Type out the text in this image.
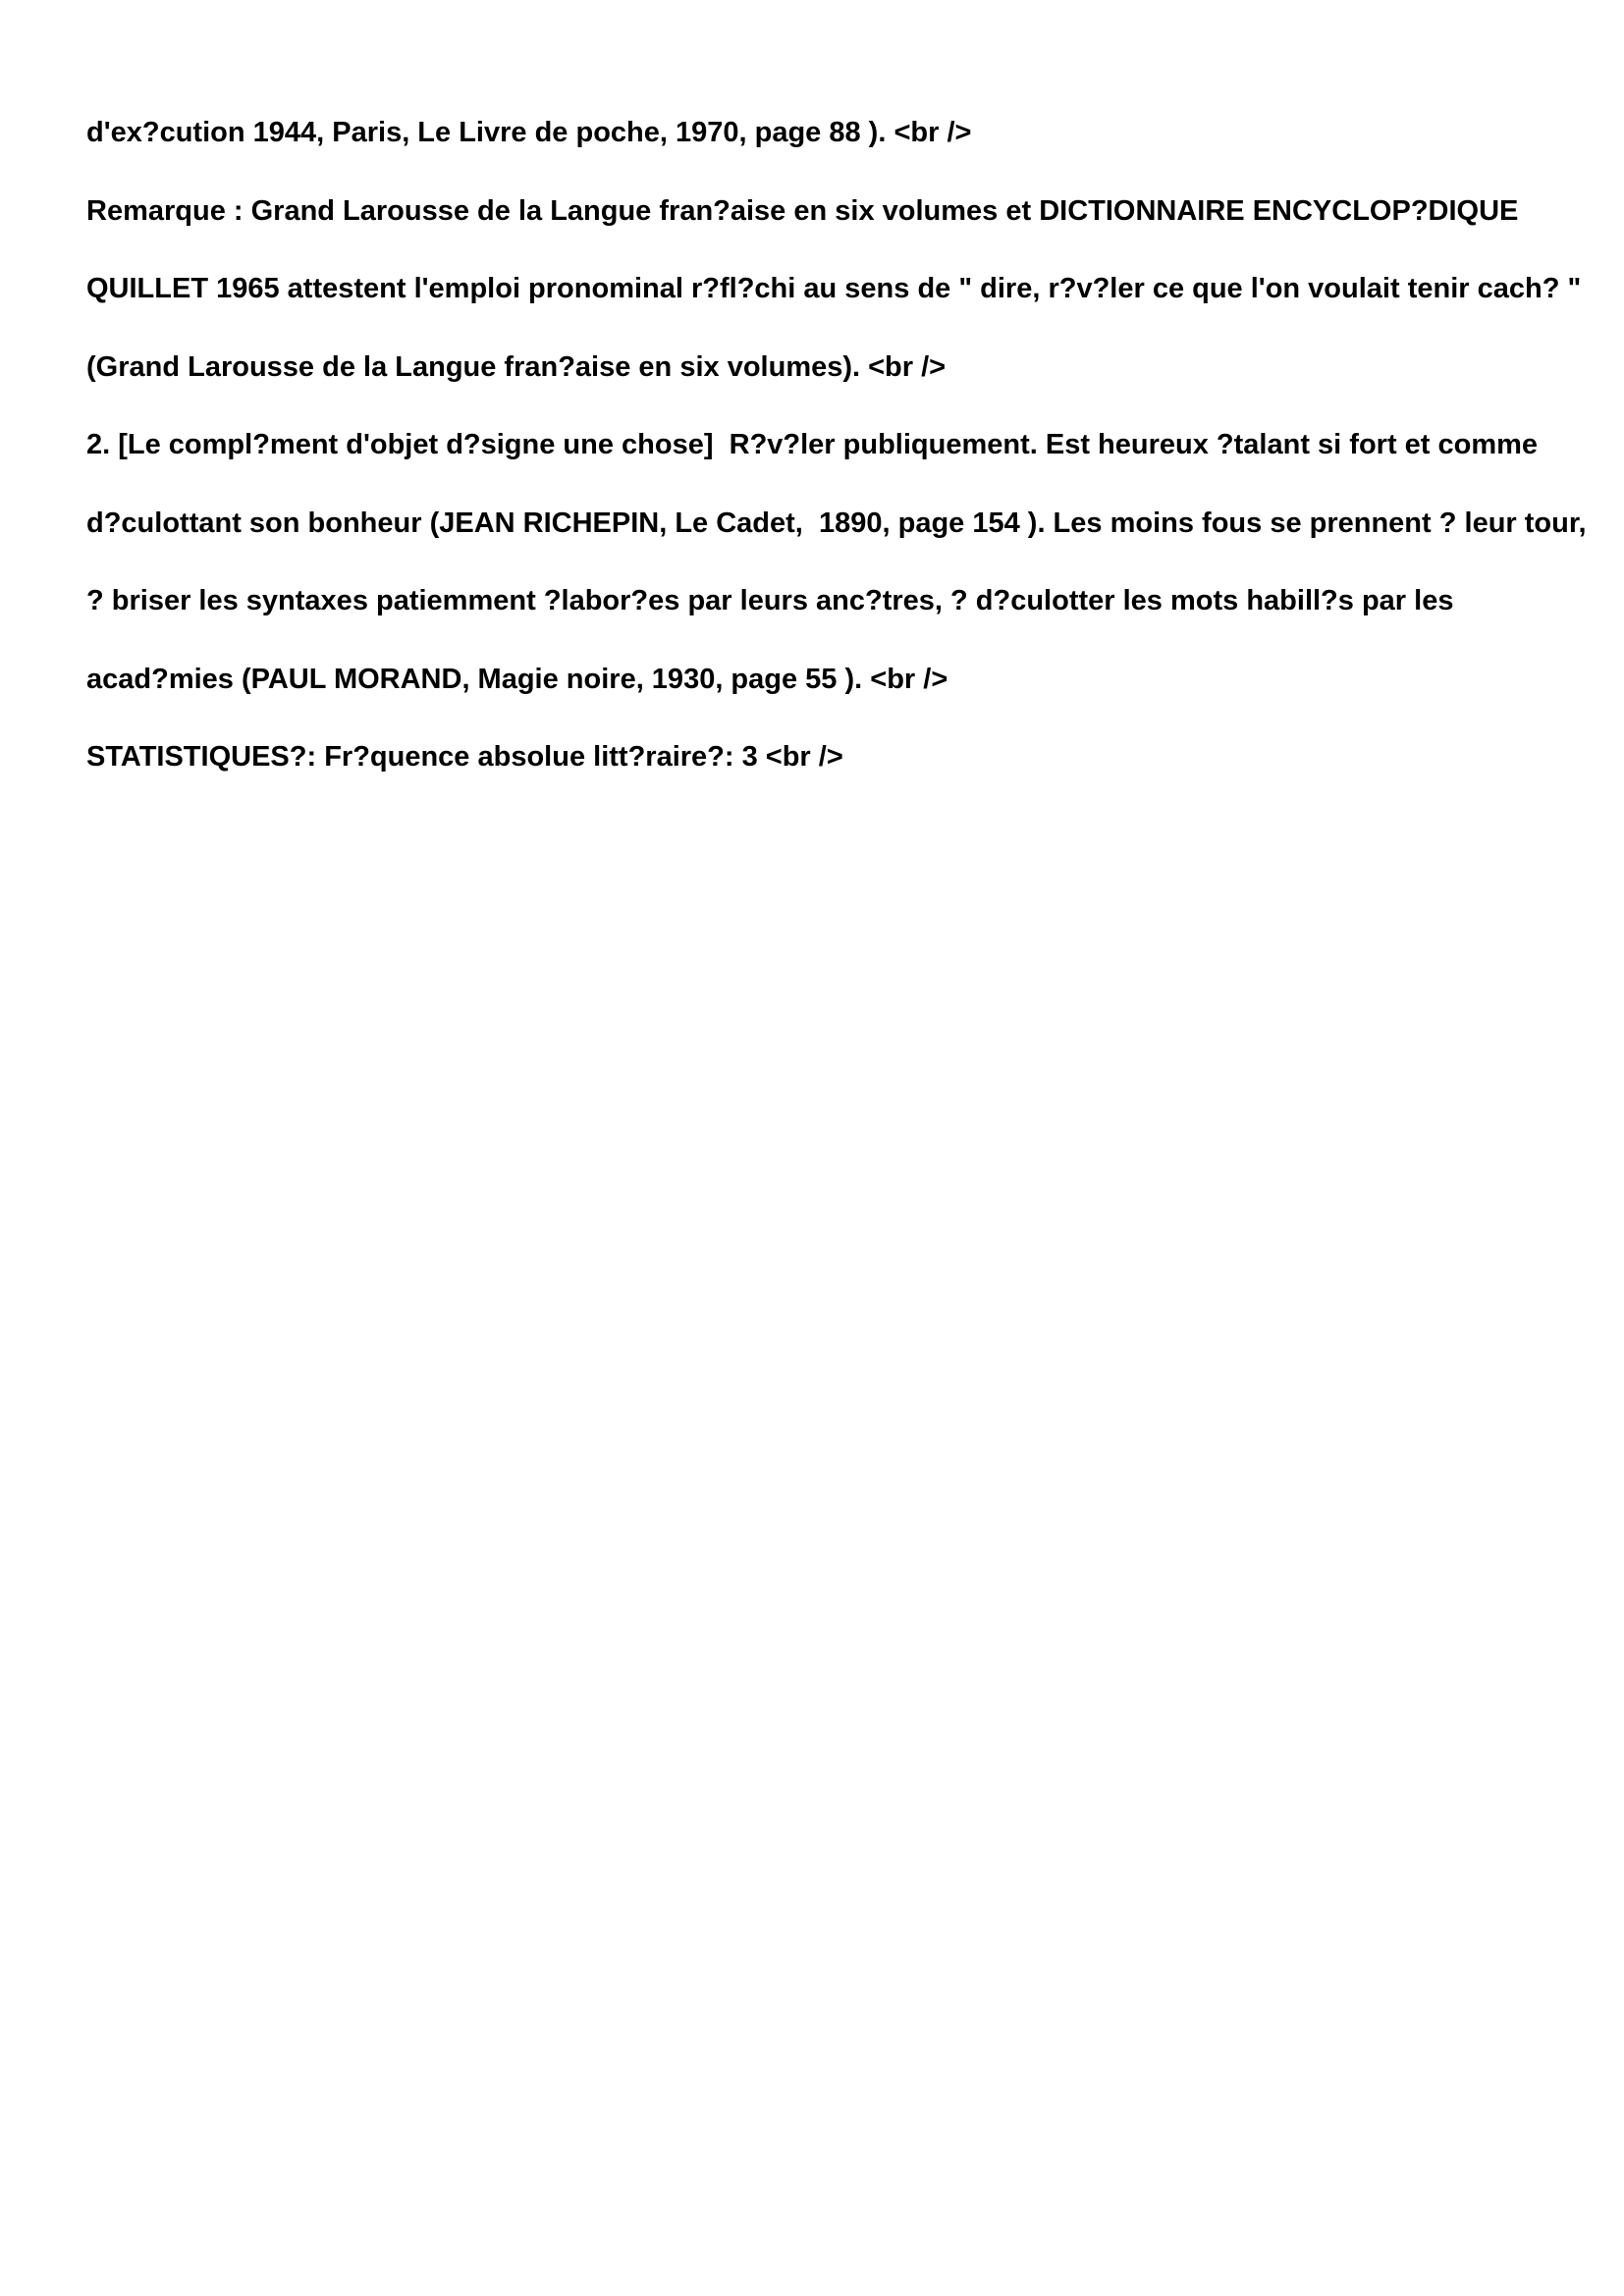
d'ex?cution 1944, Paris, Le Livre de poche, 1970, page 88 ). <br />
Remarque : Grand Larousse de la Langue fran?aise en six volumes et DICTIONNAIRE ENCYCLOP?DIQUE
QUILLET 1965 attestent l'emploi pronominal r?fl?chi au sens de " dire, r?v?ler ce que l'on voulait tenir cach? "
(Grand Larousse de la Langue fran?aise en six volumes). <br />
2. [Le compl?ment d'objet d?signe une chose]  R?v?ler publiquement. Est heureux ?talant si fort et comme
d?culottant son bonheur (JEAN RICHEPIN, Le Cadet,  1890, page 154 ). Les moins fous se prennent ? leur tour,
? briser les syntaxes patiemment ?labor?es par leurs anc?tres, ? d?culotter les mots habill?s par les
acad?mies (PAUL MORAND, Magie noire, 1930, page 55 ). <br />
STATISTIQUES?: Fr?quence absolue litt?raire?: 3 <br />
